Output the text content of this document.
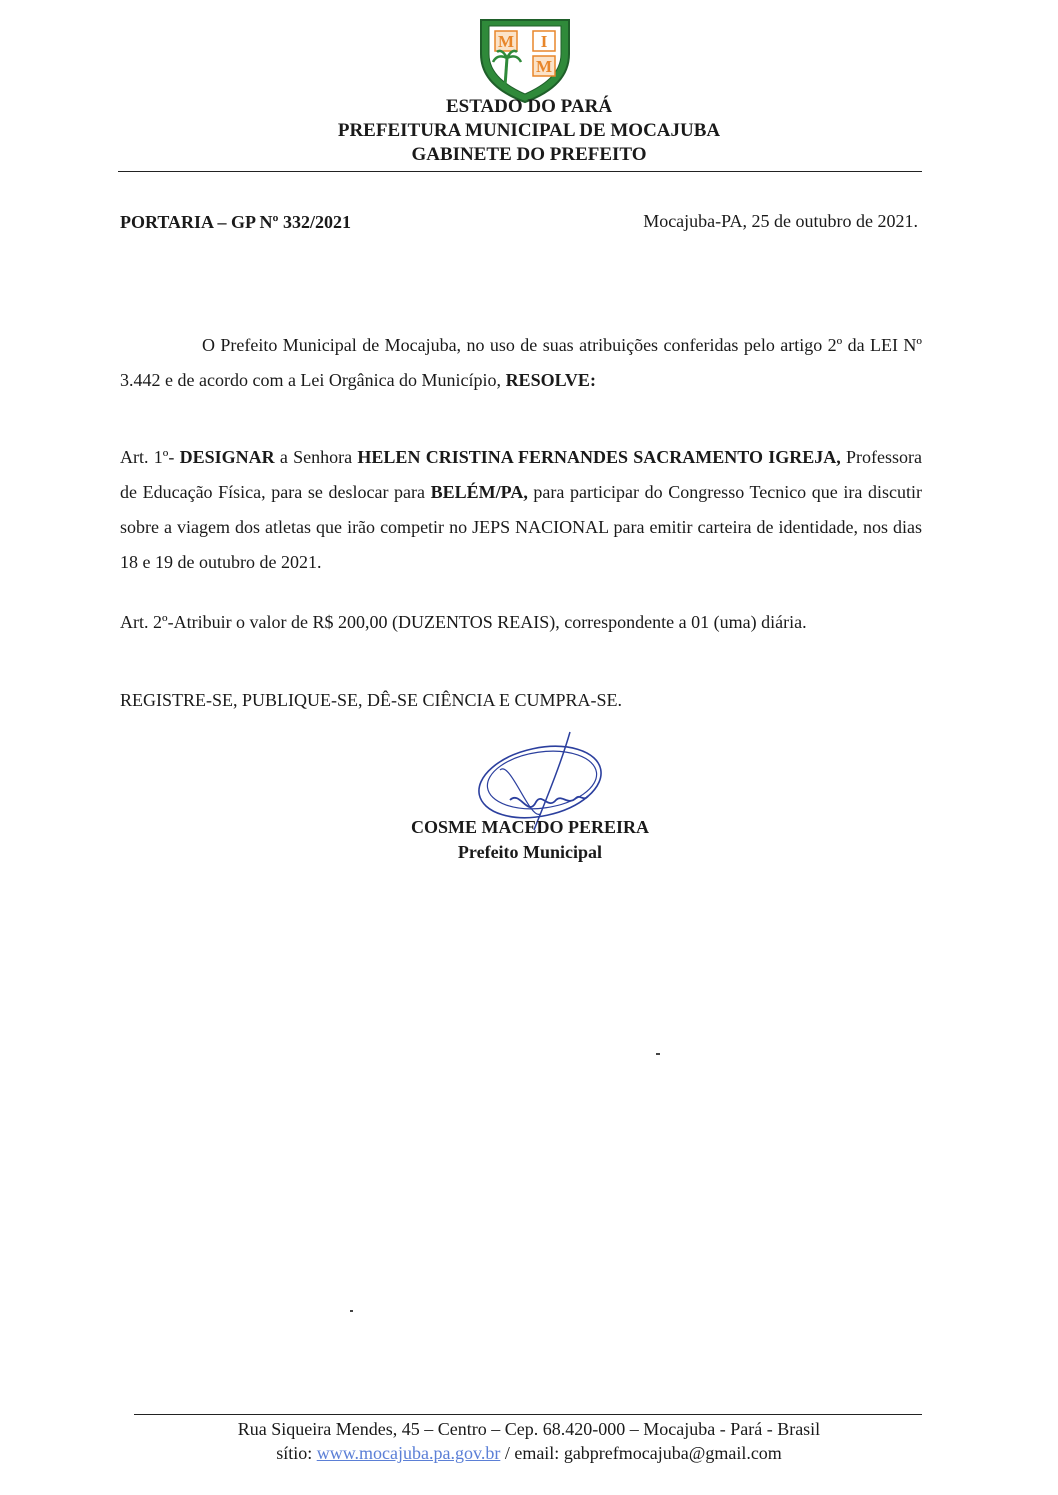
M I
M
ESTADO DO PARÁ
PREFEITURA MUNICIPAL DE MOCAJUBA
GABINETE DO PREFEITO
PORTARIA – GP Nº 332/2021	Mocajuba-PA, 25 de outubro de 2021.
O Prefeito Municipal de Mocajuba, no uso de suas atribuições conferidas pelo artigo 2º da LEI Nº 3.442 e de acordo com a Lei Orgânica do Município, RESOLVE:
Art. 1º- DESIGNAR a Senhora HELEN CRISTINA FERNANDES SACRAMENTO IGREJA, Professora de Educação Física, para se deslocar para BELÉM/PA, para participar do Congresso Tecnico que ira discutir sobre a viagem dos atletas que irão competir no JEPS NACIONAL para emitir carteira de identidade, nos dias 18 e 19 de outubro de 2021.
Art. 2º-Atribuir o valor de R$ 200,00 (DUZENTOS REAIS), correspondente a 01 (uma) diária.
REGISTRE-SE, PUBLIQUE-SE, DÊ-SE CIÊNCIA E CUMPRA-SE.
COSME MACEDO PEREIRA
Prefeito Municipal
Rua Siqueira Mendes, 45 – Centro – Cep. 68.420-000 – Mocajuba - Pará - Brasil
sítio: www.mocajuba.pa.gov.br / email: gabprefmocajuba@gmail.com
